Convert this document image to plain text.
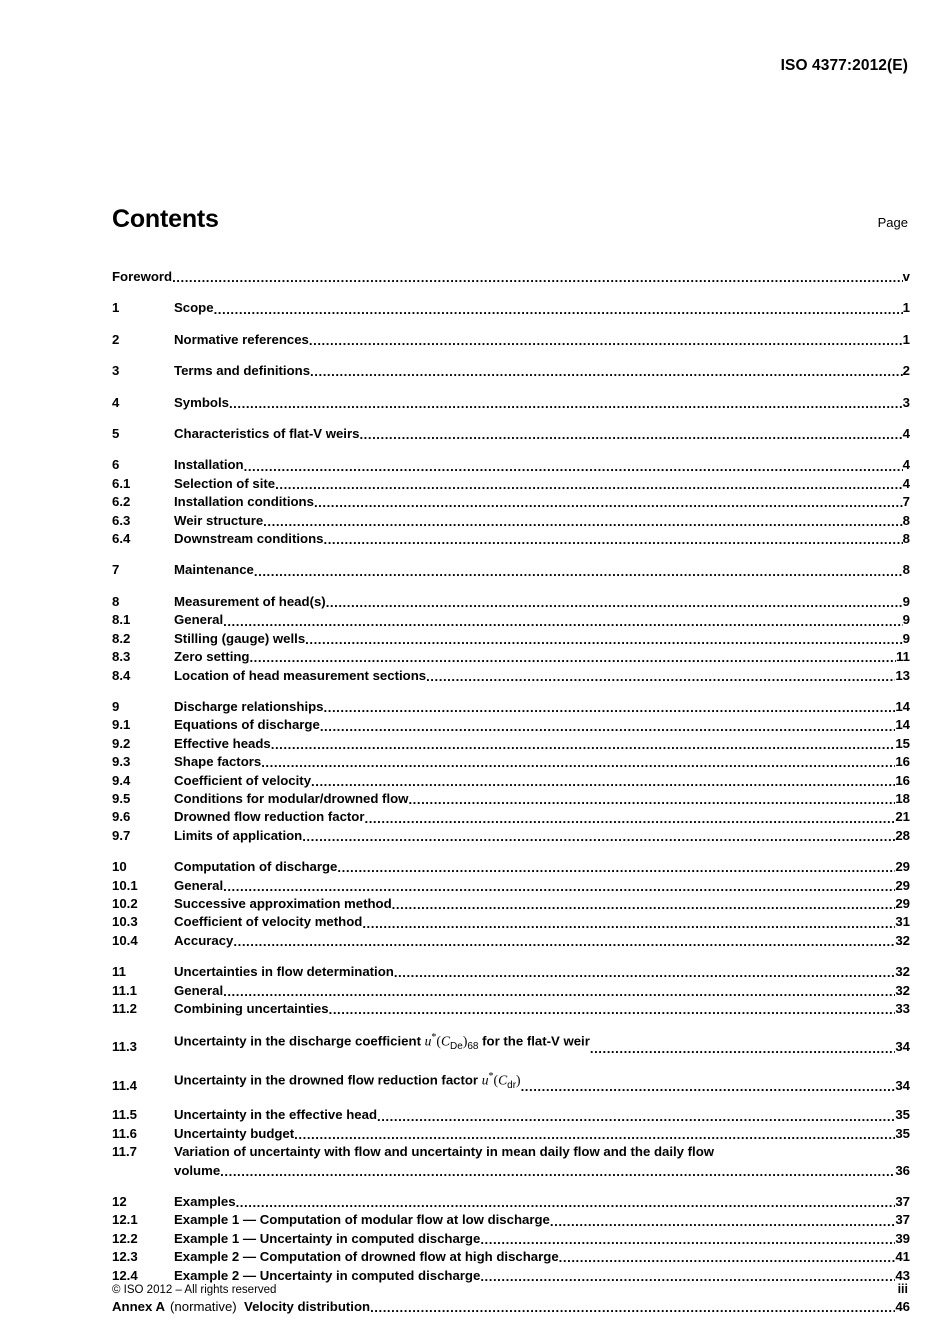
ISO 4377:2012(E)
Contents	Page
Foreword .....	v
1	Scope .....	1
2	Normative references .....	1
3	Terms and definitions .....	2
4	Symbols .....	3
5	Characteristics of flat-V weirs .....	4
6	Installation .....	4
6.1	Selection of site .....	4
6.2	Installation conditions .....	7
6.3	Weir structure .....	8
6.4	Downstream conditions .....	8
7	Maintenance .....	8
8	Measurement of head(s) .....	9
8.1	General .....	9
8.2	Stilling (gauge) wells .....	9
8.3	Zero setting .....	11
8.4	Location of head measurement sections .....	13
9	Discharge relationships .....	14
9.1	Equations of discharge .....	14
9.2	Effective heads .....	15
9.3	Shape factors .....	16
9.4	Coefficient of velocity .....	16
9.5	Conditions for modular/drowned flow .....	18
9.6	Drowned flow reduction factor .....	21
9.7	Limits of application .....	28
10	Computation of discharge .....	29
10.1	General .....	29
10.2	Successive approximation method .....	29
10.3	Coefficient of velocity method .....	31
10.4	Accuracy .....	32
11	Uncertainties in flow determination .....	32
11.1	General .....	32
11.2	Combining uncertainties .....	33
11.3	Uncertainty in the discharge coefficient $u^*(C_{De})_{68}$ for the flat-V weir .....	34
11.4	Uncertainty in the drowned flow reduction factor $u^*(C_{dr})$ .....	34
11.5	Uncertainty in the effective head .....	35
11.6	Uncertainty budget .....	35
11.7	Variation of uncertainty with flow and uncertainty in mean daily flow and the daily flow
volume .....	36
12	Examples .....	37
12.1	Example 1 — Computation of modular flow at low discharge .....	37
12.2	Example 1 — Uncertainty in computed discharge .....	39
12.3	Example 2 — Computation of drowned flow at high discharge .....	41
12.4	Example 2 — Uncertainty in computed discharge .....	43
Annex A (normative) Velocity distribution .....	46
© ISO 2012 – All rights reserved	iii
